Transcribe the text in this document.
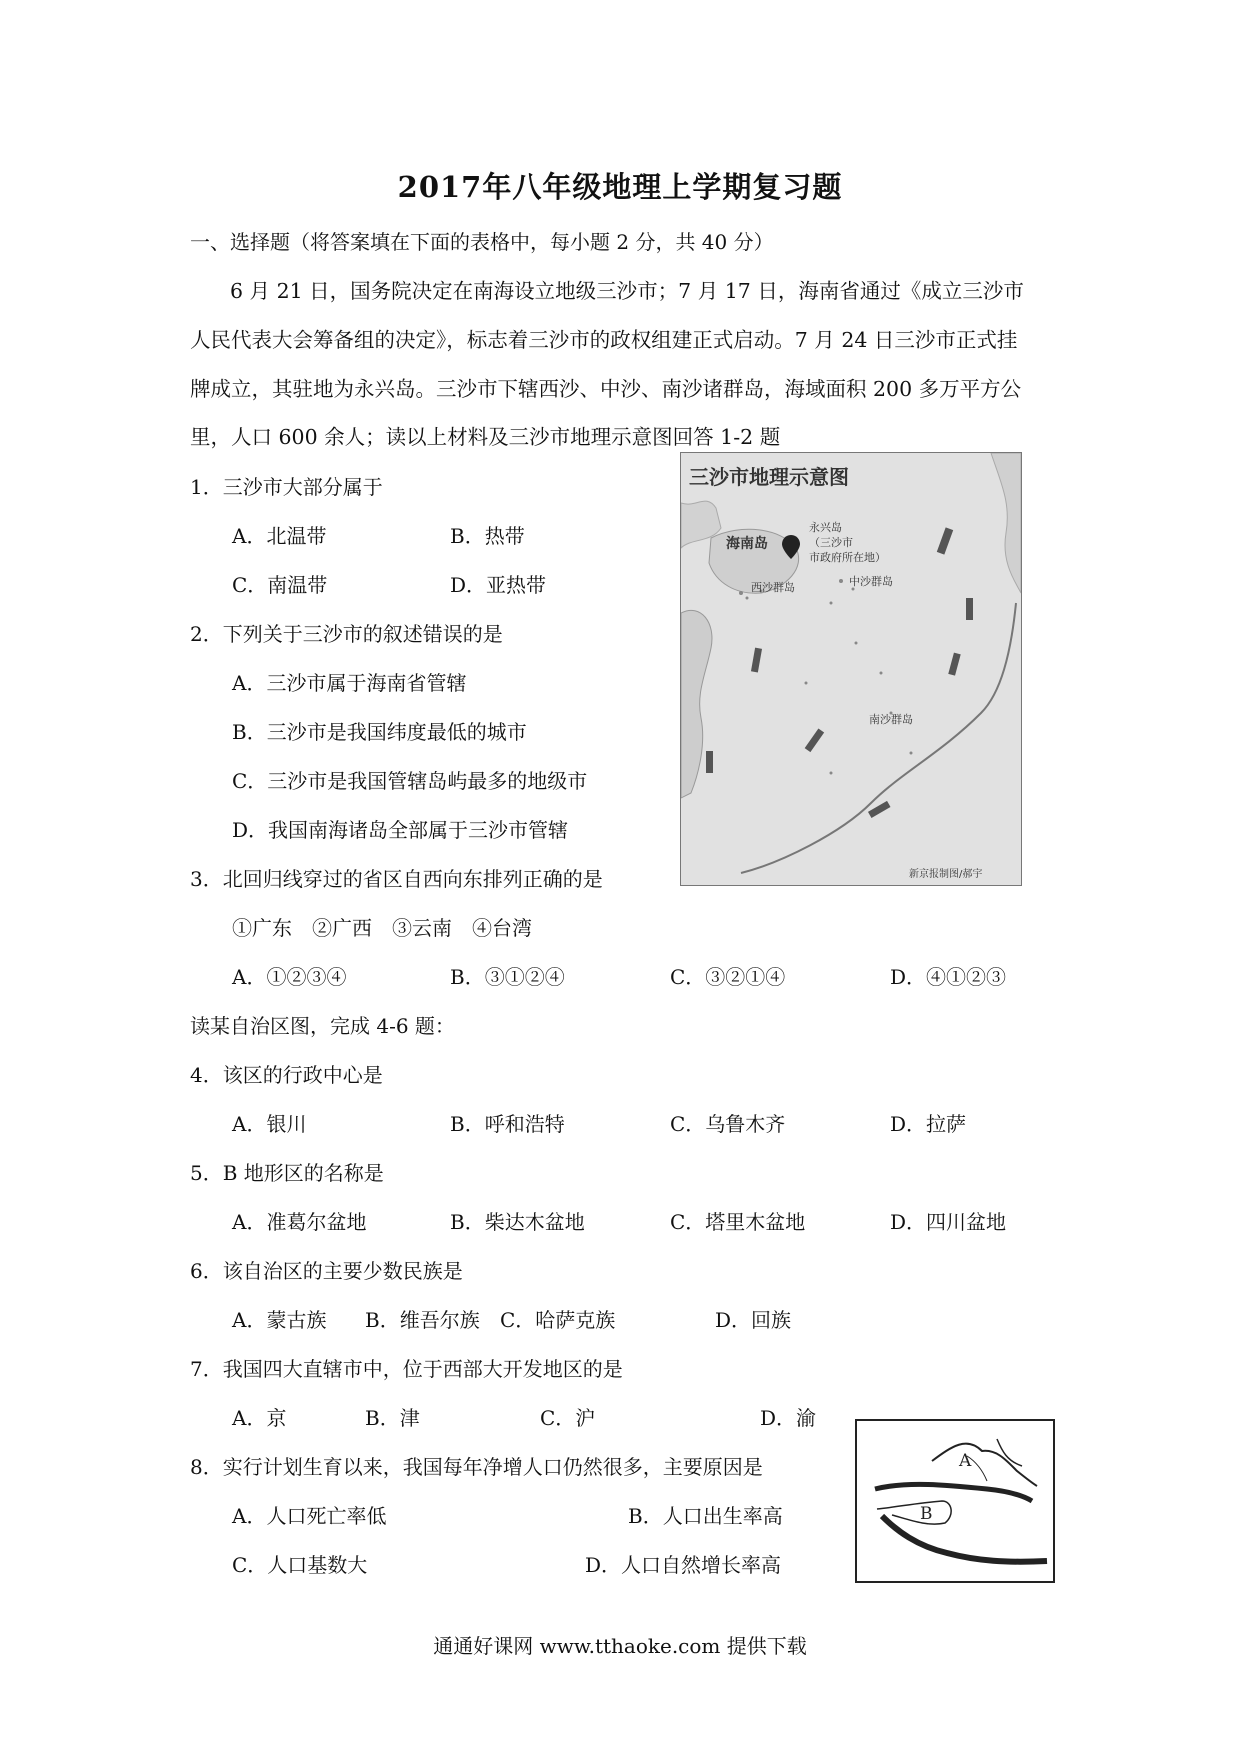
2017年八年级地理上学期复习题
一、选择题（将答案填在下面的表格中，每小题 2 分，共 40 分）
6 月 21 日，国务院决定在南海设立地级三沙市；7 月 17 日，海南省通过《成立三沙市
人民代表大会筹备组的决定》，标志着三沙市的政权组建正式启动。7 月 24 日三沙市正式挂
牌成立，其驻地为永兴岛。三沙市下辖西沙、中沙、南沙诸群岛，海域面积 200 多万平方公
里，人口 600 余人；读以上材料及三沙市地理示意图回答 1-2 题
1．三沙市大部分属于
A．北温带	B．热带
C．南温带	D．亚热带
2．下列关于三沙市的叙述错误的是
A．三沙市属于海南省管辖
B．三沙市是我国纬度最低的城市
C．三沙市是我国管辖岛屿最多的地级市
D．我国南海诸岛全部属于三沙市管辖
3．北回归线穿过的省区自西向东排列正确的是
①广东　②广西　③云南　④台湾
A．①②③④	B．③①②④	C．③②①④	D．④①②③
读某自治区图，完成 4-6 题：
4．该区的行政中心是
A．银川	B．呼和浩特	C．乌鲁木齐	D．拉萨
5．B 地形区的名称是
A．准葛尔盆地	B．柴达木盆地	C．塔里木盆地	D．四川盆地
6．该自治区的主要少数民族是
A．蒙古族 B．维吾尔族 C．哈萨克族	D．回族
7．我国四大直辖市中，位于西部大开发地区的是
A．京	B．津	C．沪	D．渝
8．实行计划生育以来，我国每年净增人口仍然很多，主要原因是
A．人口死亡率低	B．人口出生率高
C．人口基数大	D．人口自然增长率高
三沙市地理示意图
海南岛
永兴岛
（三沙市
市政府所在地）
西沙群岛	中沙群岛
南沙群岛
新京报制图/郝宇
A
B
通通好课网 www.tthaoke.com 提供下载
